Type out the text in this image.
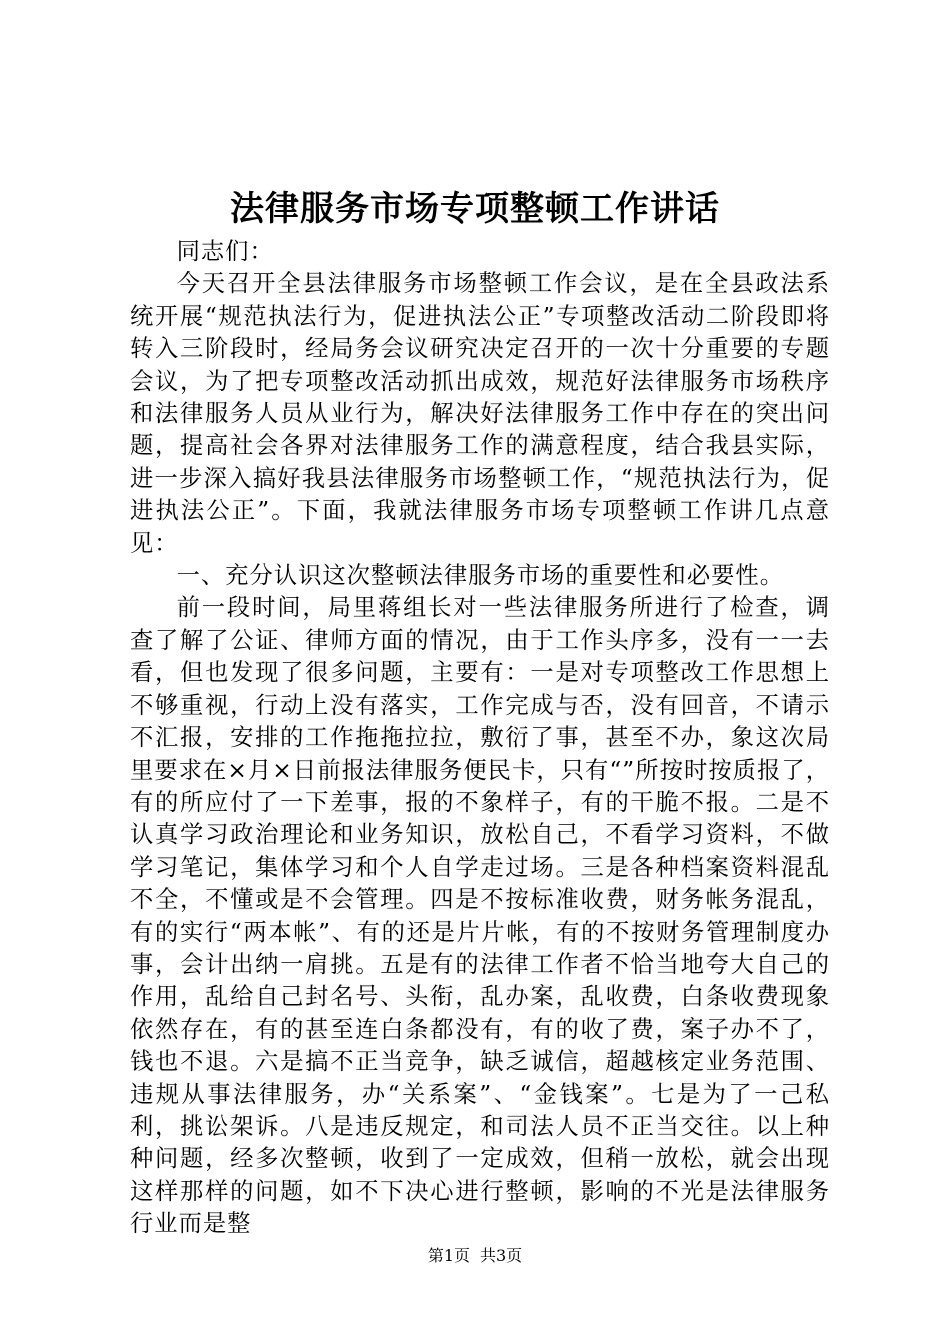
法律服务市场专项整顿工作讲话

同志们：

今天召开全县法律服务市场整顿工作会议，是在全县政法系统开展“规范执法行为，促进执法公正”专项整改活动二阶段即将转入三阶段时，经局务会议研究决定召开的一次十分重要的专题会议，为了把专项整改活动抓出成效，规范好法律服务市场秩序和法律服务人员从业行为，解决好法律服务工作中存在的突出问题，提高社会各界对法律服务工作的满意程度，结合我县实际，进一步深入搞好我县法律服务市场整顿工作，“规范执法行为，促进执法公正”。下面，我就法律服务市场专项整顿工作讲几点意见：

一、充分认识这次整顿法律服务市场的重要性和必要性。

前一段时间，局里蒋组长对一些法律服务所进行了检查，调查了解了公证、律师方面的情况，由于工作头序多，没有一一去看，但也发现了很多问题，主要有：一是对专项整改工作思想上不够重视，行动上没有落实，工作完成与否，没有回音，不请示不汇报，安排的工作拖拖拉拉，敷衍了事，甚至不办，象这次局里要求在×月×日前报法律服务便民卡，只有“”所按时按质报了，有的所应付了一下差事，报的不象样子，有的干脆不报。二是不认真学习政治理论和业务知识，放松自己，不看学习资料，不做学习笔记，集体学习和个人自学走过场。三是各种档案资料混乱不全，不懂或是不会管理。四是不按标准收费，财务帐务混乱，有的实行“两本帐”、有的还是片片帐，有的不按财务管理制度办事，会计出纳一肩挑。五是有的法律工作者不恰当地夸大自己的作用，乱给自己封名号、头衔，乱办案，乱收费，白条收费现象依然存在，有的甚至连白条都没有，有的收了费，案子办不了，钱也不退。六是搞不正当竞争，缺乏诚信，超越核定业务范围、违规从事法律服务，办“关系案”、“金钱案”。七是为了一己私利，挑讼架诉。八是违反规定，和司法人员不正当交往。以上种种问题，经多次整顿，收到了一定成效，但稍一放松，就会出现这样那样的问题，如不下决心进行整顿，影响的不光是法律服务行业而是整

第1页 共3页
